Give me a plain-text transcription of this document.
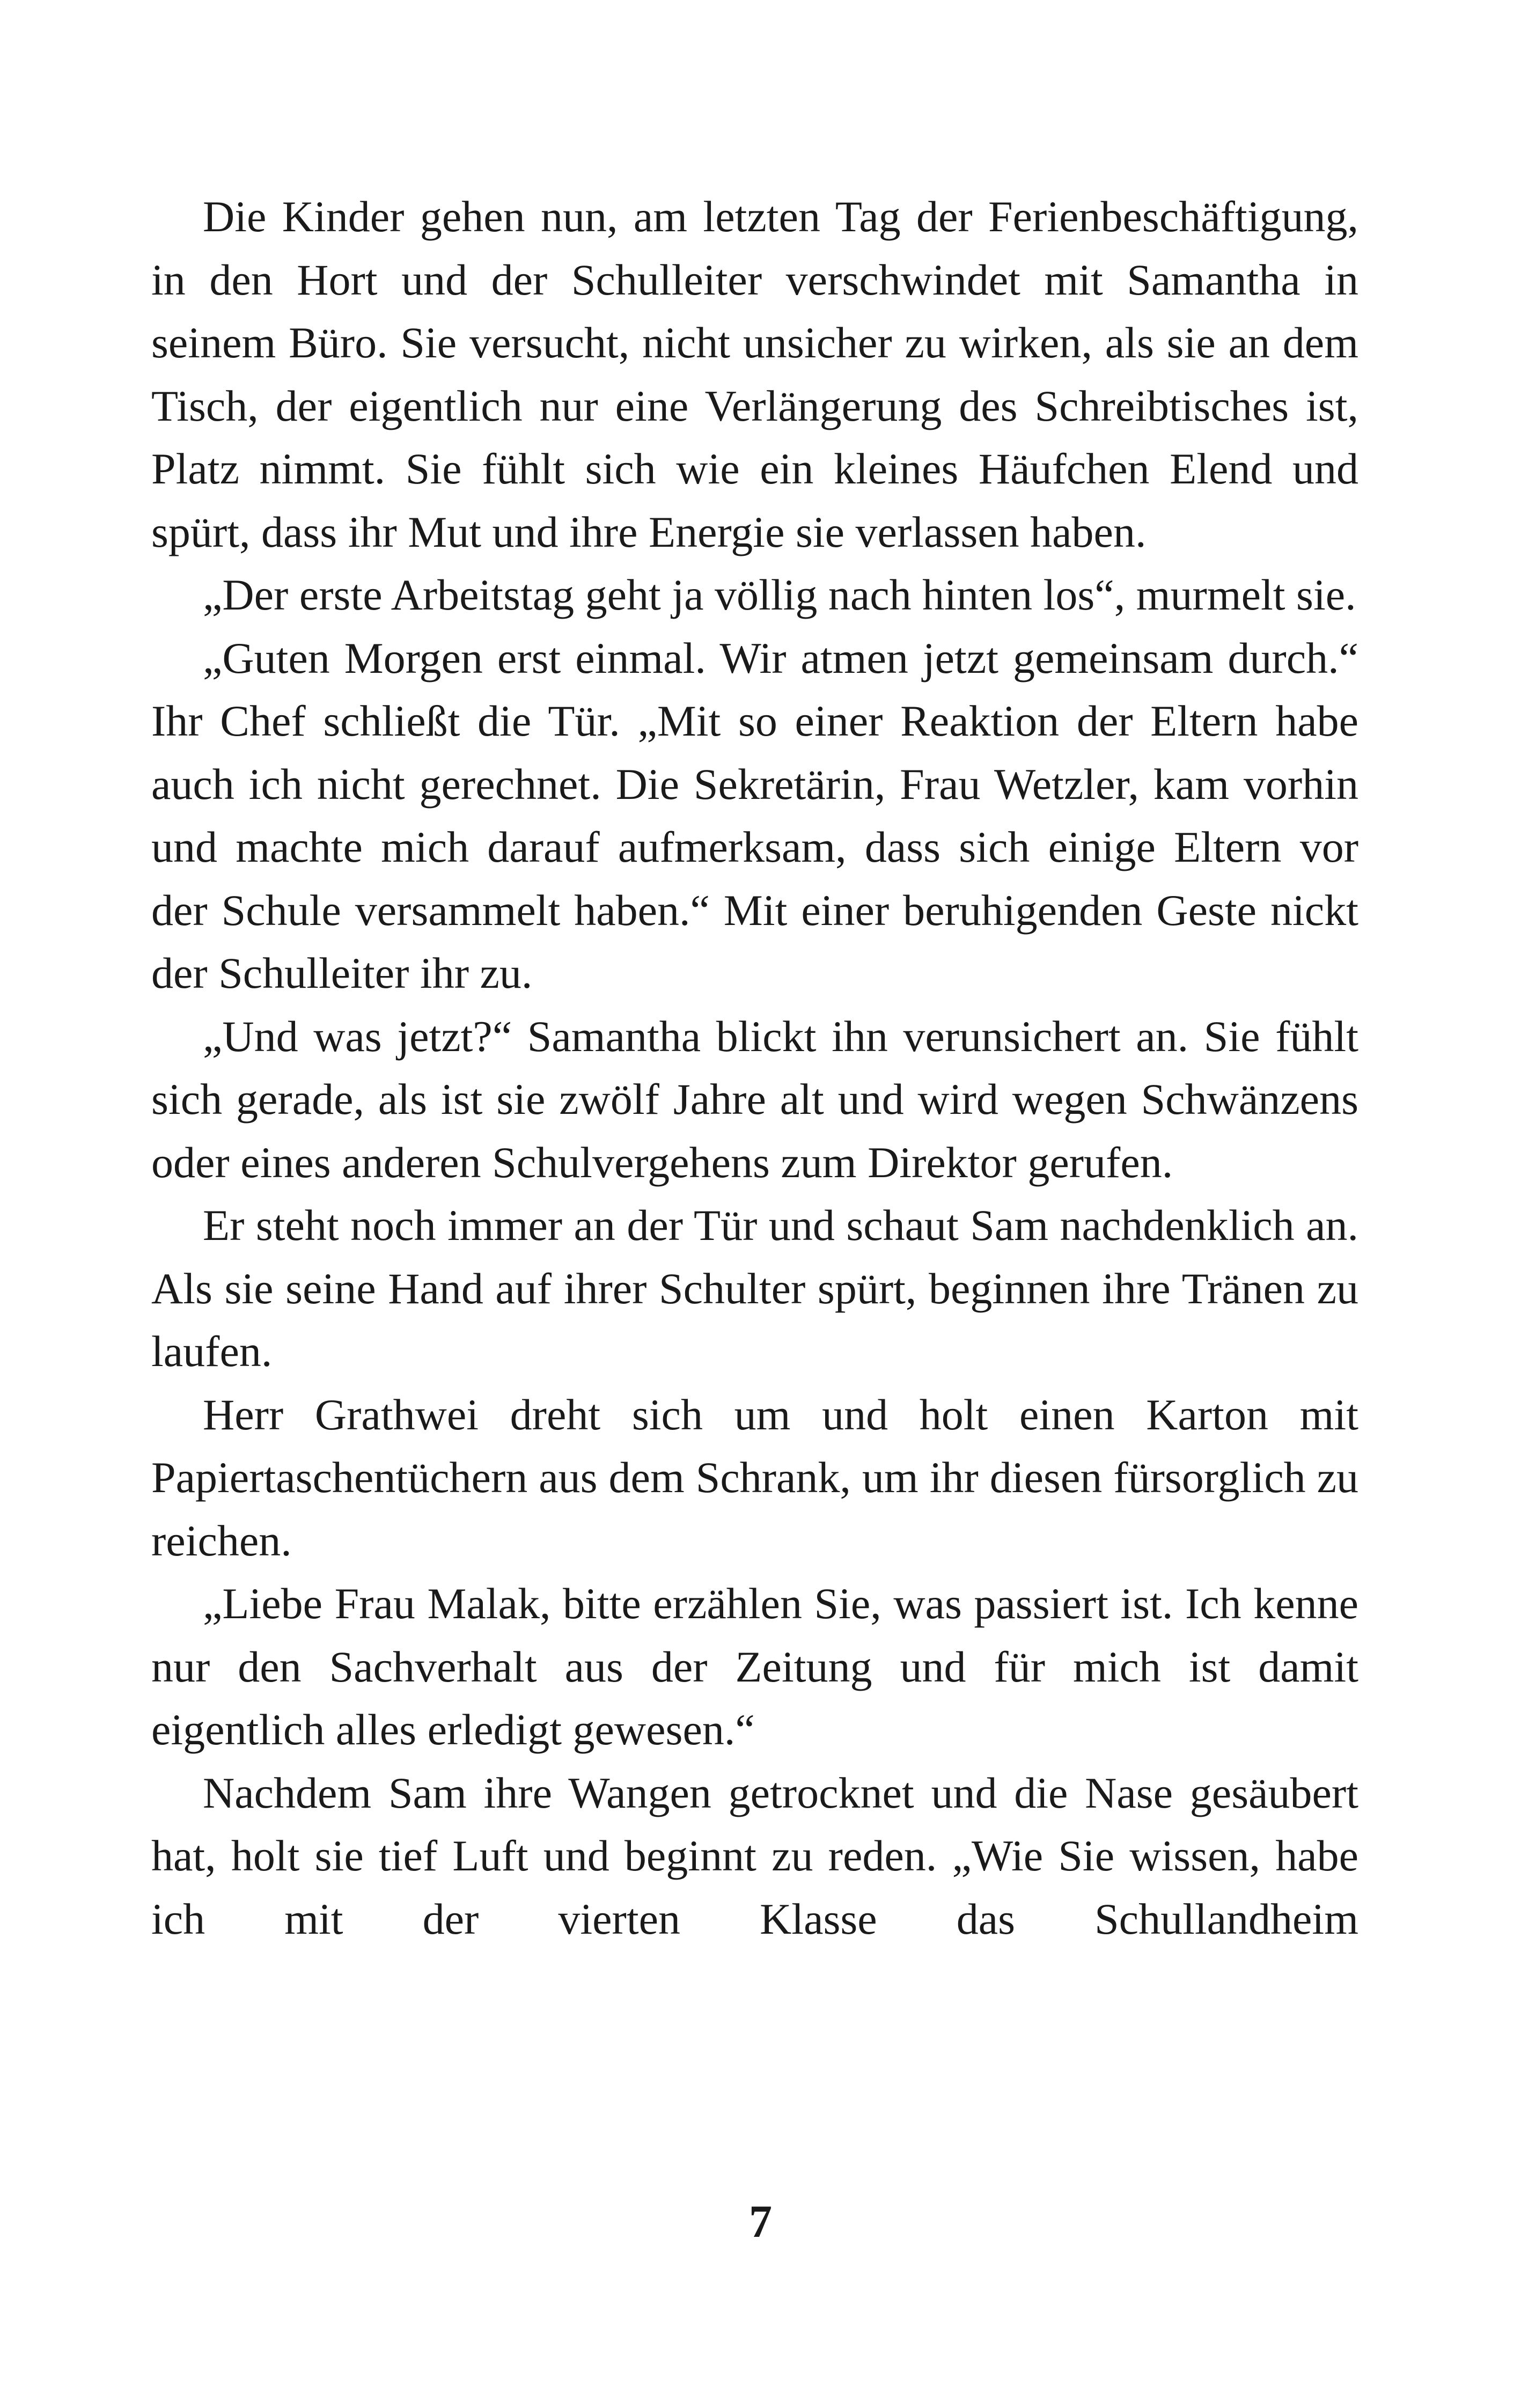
Die Kinder gehen nun, am letzten Tag der Ferienbeschäftigung, in den Hort und der Schulleiter verschwindet mit Samantha in seinem Büro. Sie versucht, nicht unsicher zu wirken, als sie an dem Tisch, der eigentlich nur eine Verlängerung des Schreibtisches ist, Platz nimmt. Sie fühlt sich wie ein kleines Häufchen Elend und spürt, dass ihr Mut und ihre Energie sie verlassen haben.

„Der erste Arbeitstag geht ja völlig nach hinten los“, murmelt sie.

„Guten Morgen erst einmal. Wir atmen jetzt gemeinsam durch.“ Ihr Chef schließt die Tür. „Mit so einer Reaktion der Eltern habe auch ich nicht gerechnet. Die Sekretärin, Frau Wetzler, kam vorhin und machte mich darauf aufmerksam, dass sich einige Eltern vor der Schule versammelt haben.“ Mit einer beruhigenden Geste nickt der Schulleiter ihr zu.

„Und was jetzt?“ Samantha blickt ihn verunsichert an. Sie fühlt sich gerade, als ist sie zwölf Jahre alt und wird wegen Schwänzens oder eines anderen Schulvergehens zum Direktor gerufen.

Er steht noch immer an der Tür und schaut Sam nachdenklich an. Als sie seine Hand auf ihrer Schulter spürt, beginnen ihre Tränen zu laufen.

Herr Grathwei dreht sich um und holt einen Karton mit Papiertaschentüchern aus dem Schrank, um ihr diesen fürsorglich zu reichen.

„Liebe Frau Malak, bitte erzählen Sie, was passiert ist. Ich kenne nur den Sachverhalt aus der Zeitung und für mich ist damit eigentlich alles erledigt gewesen.“

Nachdem Sam ihre Wangen getrocknet und die Nase gesäubert hat, holt sie tief Luft und beginnt zu reden. „Wie Sie wissen, habe ich mit der vierten Klasse das Schullandheim

7
